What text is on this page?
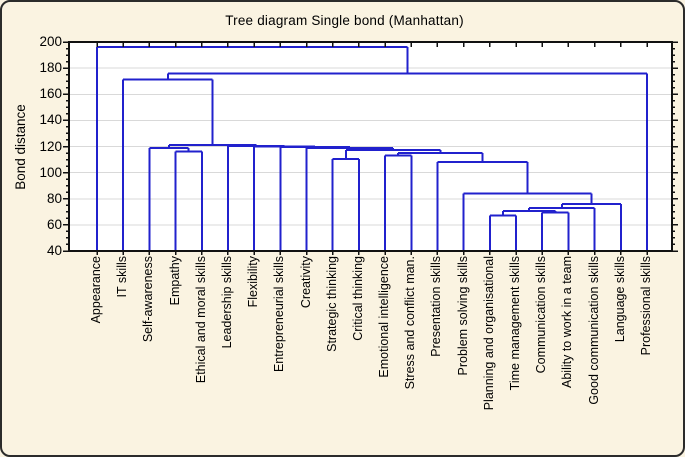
Tree diagram Single bond (Manhattan)
Bond distance
200
180
160
140
120
100
80
60
40
Appearance IT skills Self-awareness Empathy Ethical and moral skills Leadership skills Flexibility Entrepreneurial skills Creativity Strategic thinking Critical thinking Emotional intelligence Stress and conflict man. Presentation skills Problem solving skills Planning and organisational Time management skills Communication skills Ability to work in a team Good communication skills Language skills Professional skills
